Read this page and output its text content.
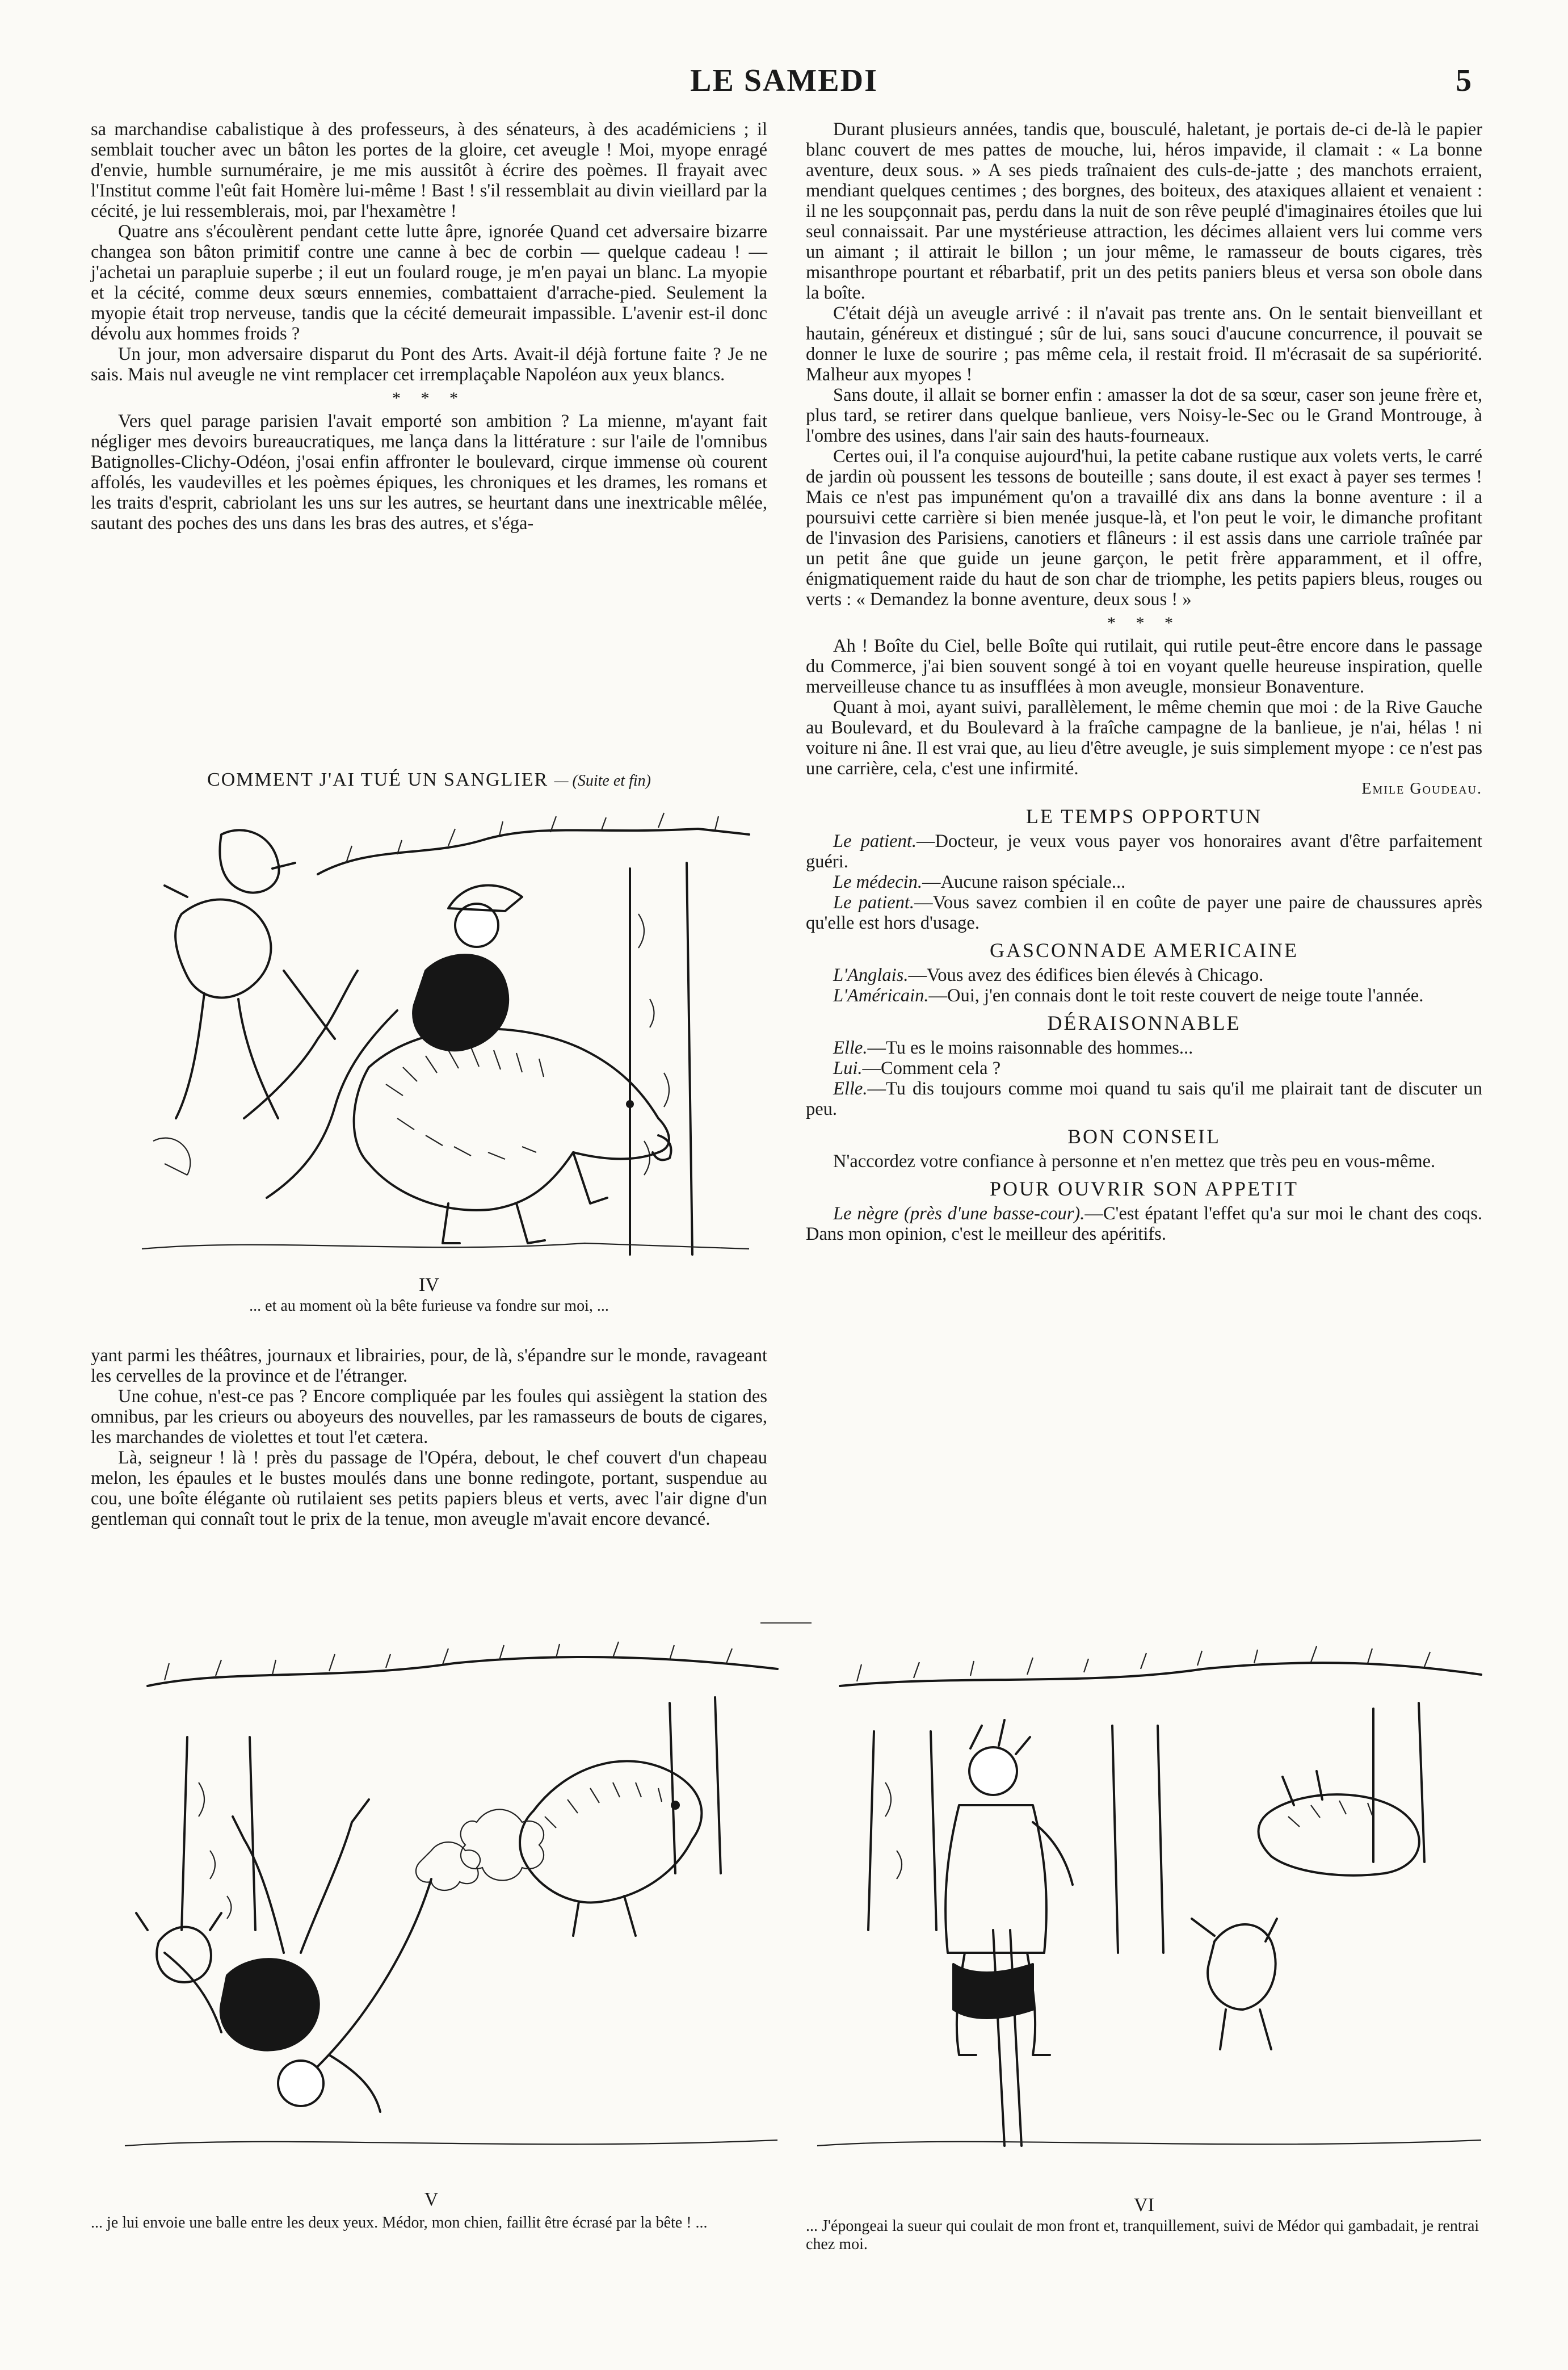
LE SAMEDI	5

sa marchandise cabalistique à des professeurs, à des sénateurs, à des académiciens ; il semblait toucher avec un bâton les portes de la gloire, cet aveugle ! Moi, myope enragé d'envie, humble surnuméraire, je me mis aussitôt à écrire des poèmes. Il frayait avec l'Institut comme l'eût fait Homère lui-même ! Bast ! s'il ressemblait au divin vieillard par la cécité, je lui ressemblerais, moi, par l'hexamètre !

Quatre ans s'écoulèrent pendant cette lutte âpre, ignorée Quand cet adversaire bizarre changea son bâton primitif contre une canne à bec de corbin — quelque cadeau ! — j'achetai un parapluie superbe ; il eut un foulard rouge, je m'en payai un blanc. La myopie et la cécité, comme deux sœurs ennemies, combattaient d'arrache-pied. Seulement la myopie était trop nerveuse, tandis que la cécité demeurait impassible. L'avenir est-il donc dévolu aux hommes froids ?

Un jour, mon adversaire disparut du Pont des Arts. Avait-il déjà fortune faite ? Je ne sais. Mais nul aveugle ne vint remplacer cet irremplaçable Napoléon aux yeux blancs.

* * *

Vers quel parage parisien l'avait emporté son ambition ? La mienne, m'ayant fait négliger mes devoirs bureaucratiques, me lança dans la littérature : sur l'aile de l'omnibus Batignolles-Clichy-Odéon, j'osai enfin affronter le boulevard, cirque immense où courent affolés, les vaudevilles et les poèmes épiques, les chroniques et les drames, les romans et les traits d'esprit, cabriolant les uns sur les autres, se heurtant dans une inextricable mêlée, sautant des poches des uns dans les bras des autres, et s'éga-

COMMENT J'AI TUÉ UN SANGLIER — (Suite et fin)
IV
... et au moment où la bête furieuse va fondre sur moi, ...

yant parmi les théâtres, journaux et librairies, pour, de là, s'épandre sur le monde, ravageant les cervelles de la province et de l'étranger.

Une cohue, n'est-ce pas ? Encore compliquée par les foules qui assiègent la station des omnibus, par les crieurs ou aboyeurs des nouvelles, par les ramasseurs de bouts de cigares, les marchandes de violettes et tout l'et cætera.

Là, seigneur ! là ! près du passage de l'Opéra, debout, le chef couvert d'un chapeau melon, les épaules et le bustes moulés dans une bonne redingote, portant, suspendue au cou, une boîte élégante où rutilaient ses petits papiers bleus et verts, avec l'air digne d'un gentleman qui connaît tout le prix de la tenue, mon aveugle m'avait encore devancé.

Durant plusieurs années, tandis que, bousculé, haletant, je portais de-ci de-là le papier blanc couvert de mes pattes de mouche, lui, héros impavide, il clamait : « La bonne aventure, deux sous. » A ses pieds traînaient des culs-de-jatte ; des manchots erraient, mendiant quelques centimes ; des borgnes, des boiteux, des ataxiques allaient et venaient : il ne les soupçonnait pas, perdu dans la nuit de son rêve peuplé d'imaginaires étoiles que lui seul connaissait. Par une mystérieuse attraction, les décimes allaient vers lui comme vers un aimant ; il attirait le billon ; un jour même, le ramasseur de bouts cigares, très misanthrope pourtant et rébarbatif, prit un des petits paniers bleus et versa son obole dans la boîte.

C'était déjà un aveugle arrivé : il n'avait pas trente ans. On le sentait bienveillant et hautain, généreux et distingué ; sûr de lui, sans souci d'aucune concurrence, il pouvait se donner le luxe de sourire ; pas même cela, il restait froid. Il m'écrasait de sa supériorité. Malheur aux myopes !

Sans doute, il allait se borner enfin : amasser la dot de sa sœur, caser son jeune frère et, plus tard, se retirer dans quelque banlieue, vers Noisy-le-Sec ou le Grand Montrouge, à l'ombre des usines, dans l'air sain des hauts-fourneaux.

Certes oui, il l'a conquise aujourd'hui, la petite cabane rustique aux volets verts, le carré de jardin où poussent les tessons de bouteille ; sans doute, il est exact à payer ses termes ! Mais ce n'est pas impunément qu'on a travaillé dix ans dans la bonne aventure : il a poursuivi cette carrière si bien menée jusque-là, et l'on peut le voir, le dimanche profitant de l'invasion des Parisiens, canotiers et flâneurs : il est assis dans une carriole traînée par un petit âne que guide un jeune garçon, le petit frère apparamment, et il offre, énigmatiquement raide du haut de son char de triomphe, les petits papiers bleus, rouges ou verts : « Demandez la bonne aventure, deux sous ! »

* * *

Ah ! Boîte du Ciel, belle Boîte qui rutilait, qui rutile peut-être encore dans le passage du Commerce, j'ai bien souvent songé à toi en voyant quelle heureuse inspiration, quelle merveilleuse chance tu as insufflées à mon aveugle, monsieur Bonaventure.

Quant à moi, ayant suivi, parallèlement, le même chemin que moi : de la Rive Gauche au Boulevard, et du Boulevard à la fraîche campagne de la banlieue, je n'ai, hélas ! ni voiture ni âne. Il est vrai que, au lieu d'être aveugle, je suis simplement myope : ce n'est pas une carrière, cela, c'est une infirmité.

Emile Goudeau.
LE TEMPS OPPORTUN

Le patient.—Docteur, je veux vous payer vos honoraires avant d'être parfaitement guéri.

Le médecin.—Aucune raison spéciale...

Le patient.—Vous savez combien il en coûte de payer une paire de chaussures après qu'elle est hors d'usage.

GASCONNADE AMERICAINE

L'Anglais.—Vous avez des édifices bien élevés à Chicago.

L'Américain.—Oui, j'en connais dont le toit reste couvert de neige toute l'année.

DÉRAISONNABLE

Elle.—Tu es le moins raisonnable des hommes...

Lui.—Comment cela ?

Elle.—Tu dis toujours comme moi quand tu sais qu'il me plairait tant de discuter un peu.

BON CONSEIL

N'accordez votre confiance à personne et n'en mettez que très peu en vous-même.

POUR OUVRIR SON APPETIT

Le nègre (près d'une basse-cour).—C'est épatant l'effet qu'a sur moi le chant des coqs. Dans mon opinion, c'est le meilleur des apéritifs.

V
... je lui envoie une balle entre les deux yeux. Médor, mon chien, faillit être écrasé par la bête ! ...
VI
... J'épongeai la sueur qui coulait de mon front et, tranquillement, suivi de Médor qui gambadait, je rentrai chez moi.
